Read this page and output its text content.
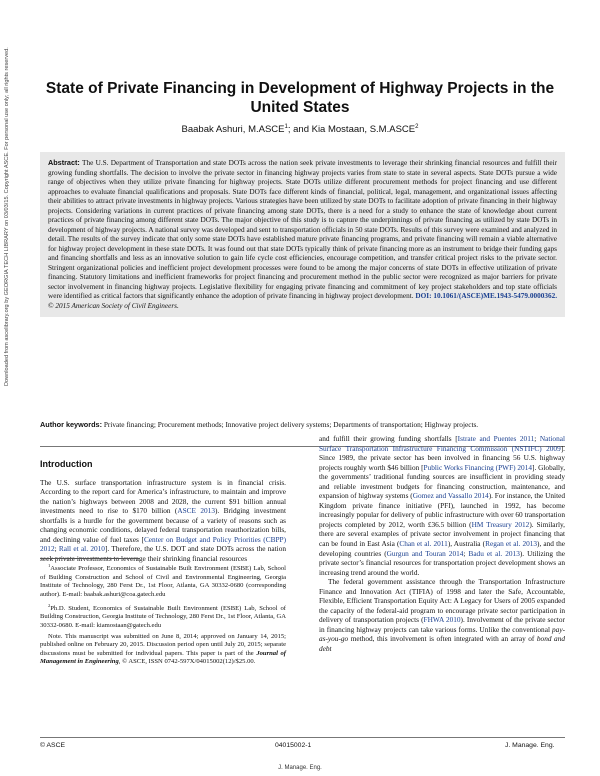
Downloaded from ascelibrary.org by GEORGIA TECH LIBRARY on 03/03/15. Copyright ASCE. For personal use only; all rights reserved.	State of Private Financing in Development of Highway Projects in the United States
Baabak Ashuri, M.ASCE$^1$; and Kia Mostaan, S.M.ASCE$^2$
Abstract: The U.S. Department of Transportation and state DOTs across the nation seek private investments to leverage their shrinking financial resources and fulfill their growing funding shortfalls. The decision to involve the private sector in financing highway projects varies from state to state in several aspects. State DOTs pursue a wide range of objectives when they utilize private financing for highway projects. State DOTs utilize different procurement methods for project financing and use different approaches to evaluate financial qualifications and proposals. State DOTs face different kinds of financial, political, legal, management, and organizational issues affecting their abilities to attract private investments in highway projects. Various strategies have been utilized by state DOTs to facilitate adoption of private financing in their highway projects. Considering variations in current practices of private financing among state DOTs, there is a need for a study to enhance the state of knowledge about current practices of private financing among different state DOTs. The major objective of this study is to capture the underpinnings of private financing as utilized by state DOTs in development of highway projects. A national survey was developed and sent to transportation officials in 50 state DOTs. Results of this survey were examined and analyzed in detail. The results of the survey indicate that only some state DOTs have established mature private financing programs, and private financing will remain a viable alternative for highway project development in these state DOTs. It was found out that state DOTs typically think of private financing more as an instrument to bridge their funding gaps and financing shortfalls and less as an innovative solution to gain life cycle cost efficiencies, encourage competition, and transfer critical project risks to the private sector. Stringent organizational policies and inefficient project development processes were found to be among the major concerns of state DOTs in effective utilization of private financing. Statutory limitations and inefficient frameworks for project financing and procurement method in the public sector were recognized as major barriers for private sector involvement in financing highway projects. Legislative flexibility for engaging private financing and commitment of key project stakeholders and top state officials were identified as critical factors that significantly enhance the adoption of private financing in highway project development. DOI: 10.1061/(ASCE)ME.1943-5479.0000362. © 2015 American Society of Civil Engineers.
Author keywords: Private financing; Procurement methods; Innovative project delivery systems; Departments of transportation; Highway projects.
Introduction

The U.S. surface transportation infrastructure system is in financial crisis. According to the report card for America’s infrastructure, to maintain and improve the nation’s highways between 2008 and 2028, the current $91 billion annual investments need to rise to $170 billion (ASCE 2013). Bridging investment shortfalls is a hurdle for the government because of a variety of reasons such as changing economic conditions, delayed federal transportation reauthorization bills, and declining value of fuel taxes [Center on Budget and Policy Priorities (CBPP) 2012; Rall et al. 2010]. Therefore, the U.S. DOT and state DOTs across the nation seek private investments to leverage their shrinking financial resources

$^1$Associate Professor, Economics of Sustainable Built Environment (ESBE) Lab, School of Building Construction and School of Civil and Environmental Engineering, Georgia Institute of Technology, 280 Ferst Dr., 1st Floor, Atlanta, GA 30332-0680 (corresponding author). E-mail: baabak.ashuri@coa.gatech.edu

$^2$Ph.D. Student, Economics of Sustainable Built Environment (ESBE) Lab, School of Building Construction, Georgia Institute of Technology, 280 Ferst Dr., 1st Floor, Atlanta, GA 30332-0680. E-mail: kiamostaan@gatech.edu

Note. This manuscript was submitted on June 8, 2014; approved on January 14, 2015; published online on February 20, 2015. Discussion period open until July 20, 2015; separate discussions must be submitted for individual papers. This paper is part of the Journal of Management in Engineering, © ASCE, ISSN 0742-597X/04015002(12)/$25.00.

and fulfill their growing funding shortfalls [Istrate and Puentes 2011; National Surface Transportation Infrastructure Financing Commission (NSTIFC) 2009]. Since 1989, the private sector has been involved in financing 56 U.S. highway projects roughly worth $46 billion [Public Works Financing (PWF) 2014]. Globally, the governments’ traditional funding sources are insufficient in providing steady and reliable investment budgets for financing construction, maintenance, and expansion of highway systems (Gomez and Vassallo 2014). For instance, the United Kingdom private finance initiative (PFI), launched in 1992, has become increasingly popular for delivery of public infrastructure with over 60 transportation projects completed by 2012, worth £36.5 billion (HM Treasury 2012). Similarly, there are several examples of private sector involvement in project financing that can be found in East Asia (Chan et al. 2011), Australia (Regan et al. 2013), and the developing countries (Gurgun and Touran 2014; Badu et al. 2013). Utilizing the private sector’s financial resources for transportation project development shows an increasing trend around the world.

The federal government assistance through the Transportation Infrastructure Finance and Innovation Act (TIFIA) of 1998 and later the Safe, Accountable, Flexible, Efficient Transportation Equity Act: A Legacy for Users of 2005 expanded the capacity of the federal-aid program to encourage private sector participation in delivery of transportation projects (FHWA 2010). Involvement of the private sector in financing highway projects can take various forms. Unlike the conventional pay-as-you-go method, this involvement is often integrated with an array of bond and debt

© ASCE	04015002-1	J. Manage. Eng.
J. Manage. Eng.
